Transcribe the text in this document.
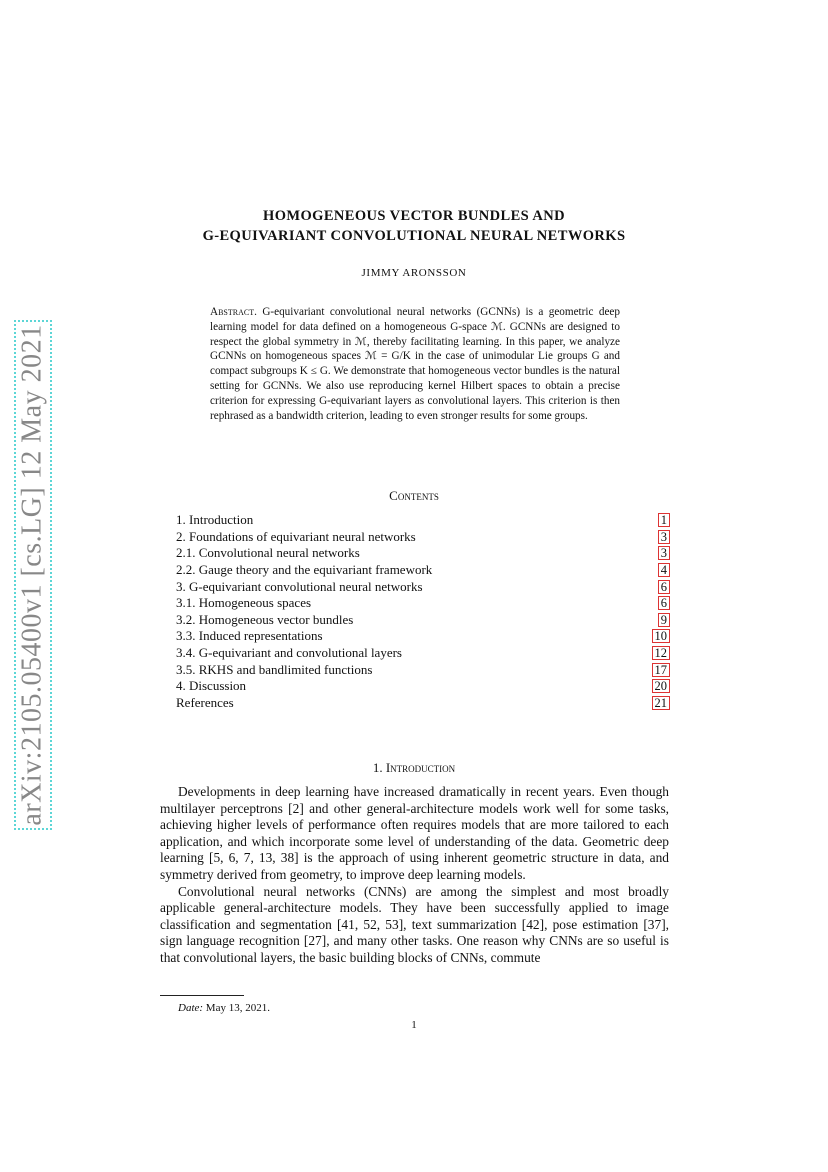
arXiv:2105.05400v1 [cs.LG] 12 May 2021
HOMOGENEOUS VECTOR BUNDLES AND
G-EQUIVARIANT CONVOLUTIONAL NEURAL NETWORKS
JIMMY ARONSSON
Abstract. G-equivariant convolutional neural networks (GCNNs) is a geometric deep learning model for data defined on a homogeneous G-space ℳ. GCNNs are designed to respect the global symmetry in ℳ, thereby facilitating learning. In this paper, we analyze GCNNs on homogeneous spaces ℳ = G/K in the case of unimodular Lie groups G and compact subgroups K ≤ G. We demonstrate that homogeneous vector bundles is the natural setting for GCNNs. We also use reproducing kernel Hilbert spaces to obtain a precise criterion for expressing G-equivariant layers as convolutional layers. This criterion is then rephrased as a bandwidth criterion, leading to even stronger results for some groups.
Contents
1. Introduction	1
2. Foundations of equivariant neural networks	3
2.1. Convolutional neural networks	3
2.2. Gauge theory and the equivariant framework	4
3. G-equivariant convolutional neural networks	6
3.1. Homogeneous spaces	6
3.2. Homogeneous vector bundles	9
3.3. Induced representations	10
3.4. G-equivariant and convolutional layers	12
3.5. RKHS and bandlimited functions	17
4. Discussion	20
References	21
1. Introduction

Developments in deep learning have increased dramatically in recent years. Even though multilayer perceptrons [2] and other general-architecture models work well for some tasks, achieving higher levels of performance often requires models that are more tailored to each application, and which incorporate some level of understanding of the data. Geometric deep learning [5, 6, 7, 13, 38] is the approach of using inherent geometric structure in data, and symmetry derived from geometry, to improve deep learning models.

Convolutional neural networks (CNNs) are among the simplest and most broadly applicable general-architecture models. They have been successfully applied to image classification and segmentation [41, 52, 53], text summarization [42], pose estimation [37], sign language recognition [27], and many other tasks. One reason why CNNs are so useful is that convolutional layers, the basic building blocks of CNNs, commute

Date: May 13, 2021.
1
